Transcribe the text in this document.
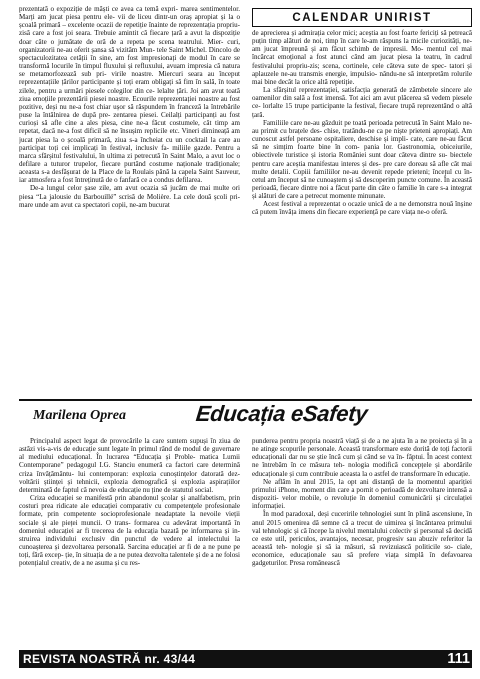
prezentată o expoziție de măști ce avea ca temă expri- marea sentimentelor. Marți am jucat piesa pentru ele- vii de liceu dintr-un oraș apropiat și la o școală primară – excelente ocazii de repetiție înainte de reprezentația propriu-zisă care a fost joi seara. Trebuie amintit că fiecare țară a avut la dispoziție doar câte o jumătate de oră de a repeta pe scena teatrului. Mier- curi, organizatorii ne-au oferit șansa să vizităm Mun- tele Saint Michel. Dincolo de spectaculozitatea cetății în sine, am fost impresionați de modul în care se transformă locurile în timpul fluxului și refluxului, avuam impresia că natura se metamorfozează sub pri- virile noastre. Miercuri seara au început reprezentațiile țărilor participante și toți eram obligați să fim în sală, în toate zilele, pentru a urmări piesele colegilor din ce- lelalte țări. Joi am avut toată ziua emoțiile prezentării piesei noastre. Ecourile reprezentației noastre au fost pozitive, deși nu ne-a fost chiar ușor să răspundem în franceză la întrebările puse la întâlnirea de după pre- zentarea piesei. Ceilalți participanți au fost curioși să afle cine a ales piesa, cine ne-a făcut costumele, cât timp am repetat, dacă ne-a fost dificil să ne însușim replicile etc. Vineri dimineață am jucat piesa la o școală primară, ziua s-a încheiat cu un cocktail la care au participat toți cei implicați în festival, inclusiv fa- miliile gazde. Pentru a marca sfârșitul festivalului, în ultima zi petrecută în Saint Malo, a avut loc o defilare a tuturor trupelor, fiecare purtând costume naționale tradiționale; aceasta s-a desfășurat de la Place de la Roulais până la capela Saint Sauveur, iar atmosfera a fost întreținută de o fanfară ce a condus defilarea.

De-a lungul celor șase zile, am avut ocazia să jucăm de mai multe ori piesa “La jalousie du Barbouillé” scrisă de Molière. La cele două școli pri- mare unde am avut ca spectatori copii, ne-am bucurat

CALENDAR UNIRIST

de aprecierea și admirația celor mici; aceștia au fost foarte fericiți să petreacă puțin timp alături de noi, timp în care le-am răspuns la micile curiozități, ne-am jucat împreună și am făcut schimb de impresii. Mo- mentul cel mai încărcat emoțional a fost atunci când am jucat piesa la teatru, în cadrul festivalului propriu-zis; scena, cortinele, cele câteva sute de spec- tatori și aplauzele ne-au transmis energie, impulsio- nându-ne să interpretăm rolurile mai bine decât la orice altă repetiție.

La sfârșitul reprezentației, satisfacția generată de zâmbetele sincere ale oamenilor din sală a fost imensă. Tot aici am avut plăcerea să vedem piesele ce- lorlalte 15 trupe participante la festival, fiecare trupă reprezentând o altă țară.

Familiile care ne-au găzduit pe toată perioada petrecută în Saint Malo ne-au primit cu brațele des- chise, tratându-ne ca pe niște prieteni apropiați. Am cunoscut astfel persoane ospitaliere, deschise și impli- cate, care ne-au făcut să ne simțim foarte bine în com- pania lor. Gastronomia, obiceiurile, obiectivele turistice și istoria României sunt doar câteva dintre su- biectele pentru care aceștia manifestau interes și des- pre care doreau să afle cât mai multe detalii. Copiii familiilor ne-au devenit repede prieteni; încețul cu în- cetul am început să ne cunoaștem și să descoperim puncte comune. În această perioadă, fiecare dintre noi a făcut parte din câte o familie în care s-a integrat și alături de care a petrecut momente minunate.

Acest festival a reprezentat o ocazie unică de a ne demonstra nouă înșine că putem învăța imens din fiecare experiență pe care viața ne-o oferă.

Marilena Oprea	Educația eSafety

Principalul aspect legat de provocările la care suntem supuși în ziua de astăzi vis-a-vis de educație sunt legate în primul rând de modul de guvernare al mediului educațional. În lucrarea “Educația și Proble- matica Lumii Contemporane” pedagogul I.G. Stanciu enumeră ca factori care determină criza învățământu- lui contemporan: explozia cunoștințelor datorată dez- voltării științei și tehnicii, explozia demografică și explozia aspirațiilor determinată de faptul că nevoia de educație nu ține de statutul social.

Criza educației se manifestă prin abandonul școlar și analfabetism, prin costuri prea ridicate ale educației comparativ cu competențele profesionale formate, prin competente socioprofesionale neadaptate la nevoile vieții sociale și ale pieței muncii. O trans- formarea cu adevărat importantă în domeniul educației ar fi trecerea de la educația bazată pe informarea și in- struirea individului exclusiv din punctul de vedere al intelectului la cunoașterea și dezvoltarea personală. Sarcina educației ar fi de a ne pune pe toți, fără excep- ție, în situația de a ne putea dezvolta talentele și de a ne folosi potențialul creativ, de a ne asuma și cu res-

punderea pentru propria noastră viață și de a ne ajuta în a ne proiecta și în a ne atinge scopurile personale. Această transformare este dorită de toți factorii educaționali dar nu se știe încă cum și când se va în- făptui. În acest context ne întrebăm în ce măsura teh- nologia modifică concepțele și abordările educaționale și cum contribuie aceasta la o astfel de transformare în educație.

Ne aflăm în anul 2015, la opt ani distanță de la momentul apariției primului iPhone, moment din care a pornit o perioadă de dezvoltare intensă a dispoziti- velor mobile, o revoluție în domeniul comunicării și circulației informației.

În mod paradoxal, deși cuceririle tehnologiei sunt în plină ascensiune, în anul 2015 omenirea dă semne că a trecut de uimirea și încântarea primului val tehnologic și că începe la nivelul mentalului colectiv și personal să decidă ce este util, periculos, avantajos, necesar, progresiv sau abuziv referitor la această teh- nologie și să ia măsuri, să revizuiască politicile so- ciale, economice, educaționale sau să prefere viața simplă în defavoarea gadgeturilor. Presa românească

REVISTA NOASTRĂ nr. 43/44	111
